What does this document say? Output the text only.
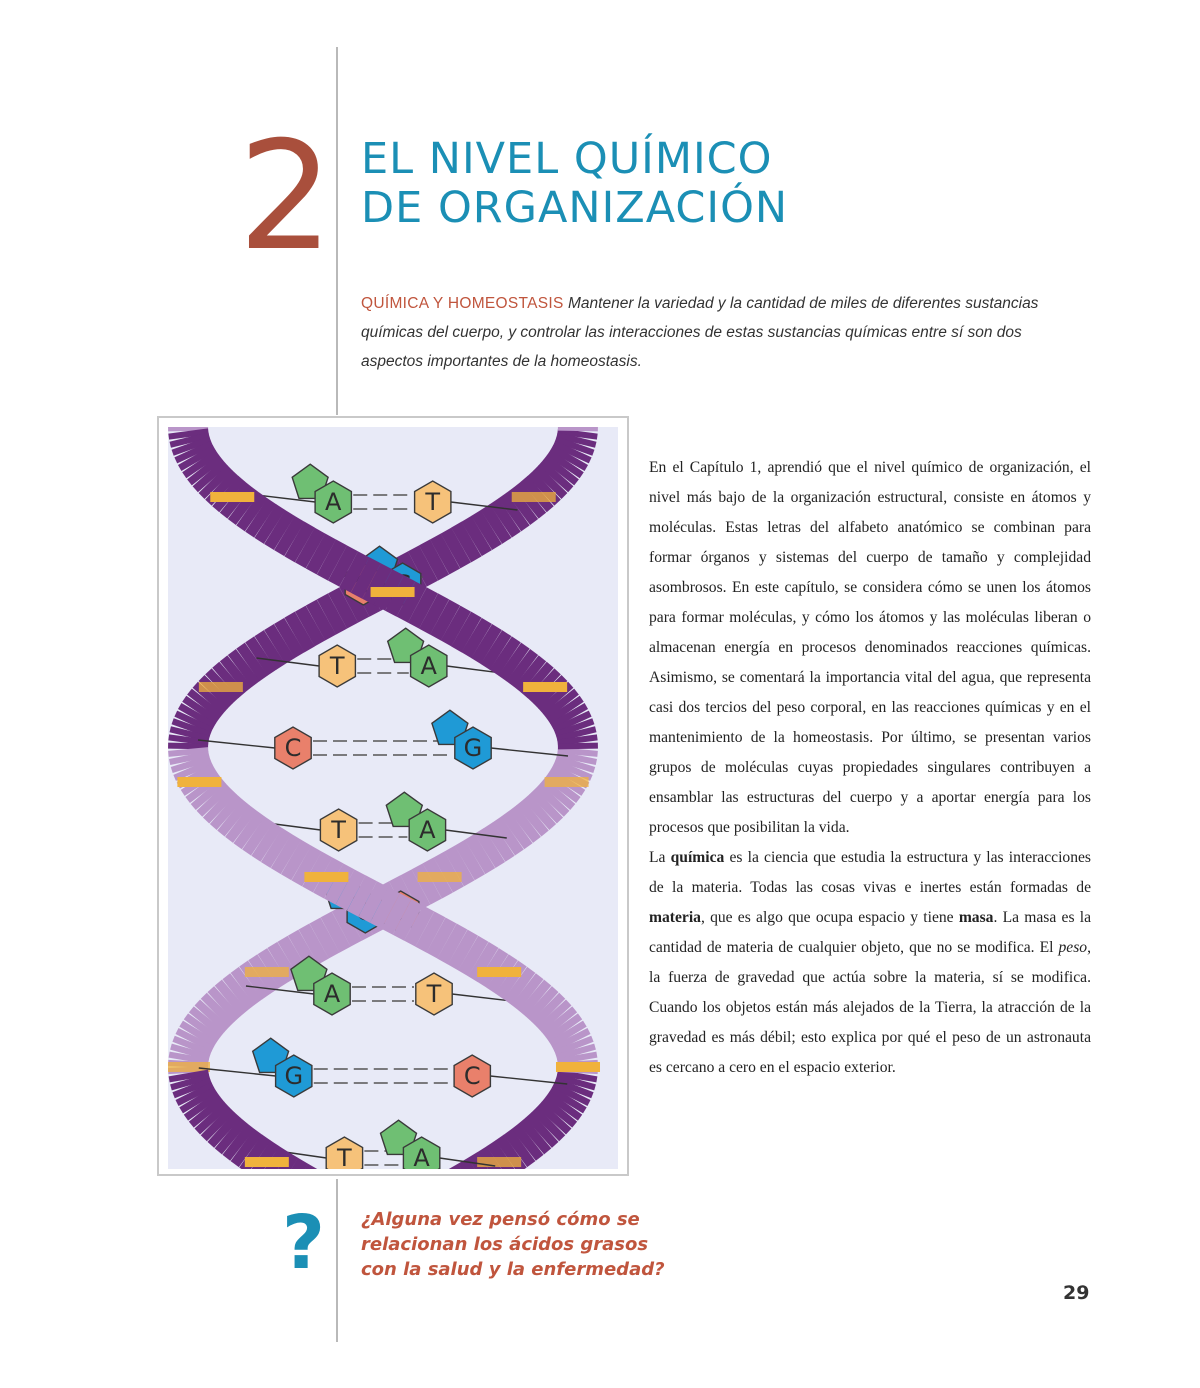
2 EL NIVEL QUÍMICO
DE ORGANIZACIÓN
QUÍMICA Y HOMEOSTASIS Mantener la variedad y la cantidad de miles de diferentes sustancias químicas del cuerpo, y controlar las interacciones de estas sustancias químicas entre sí son dos aspectos importantes de la homeostasis.
A	T
T	A
C	G
T	A
A	T
G	C
T	A

En el Capítulo 1, aprendió que el nivel químico de organización, el nivel más bajo de la organización estructural, consiste en átomos y moléculas. Estas letras del alfabeto anatómico se combinan para formar órganos y sistemas del cuerpo de tamaño y complejidad asombrosos. En este capítulo, se considera cómo se unen los átomos para formar moléculas, y cómo los átomos y las moléculas liberan o almacenan energía en procesos denominados reacciones químicas. Asimismo, se comentará la importancia vital del agua, que representa casi dos tercios del peso corporal, en las reacciones químicas y en el mantenimiento de la homeostasis. Por último, se presentan varios grupos de moléculas cuyas propiedades singulares contribuyen a ensamblar las estructuras del cuerpo y a aportar energía para los procesos que posibilitan la vida.

La química es la ciencia que estudia la estructura y las interacciones de la materia. Todas las cosas vivas e inertes están formadas de materia, que es algo que ocupa espacio y tiene masa. La masa es la cantidad de materia de cualquier objeto, que no se modifica. El peso, la fuerza de gravedad que actúa sobre la materia, sí se modifica. Cuando los objetos están más alejados de la Tierra, la atracción de la gravedad es más débil; esto explica por qué el peso de un astronauta es cercano a cero en el espacio exterior.

? ¿Alguna vez pensó cómo se relacionan los ácidos grasos con la salud y la enfermedad?
29
